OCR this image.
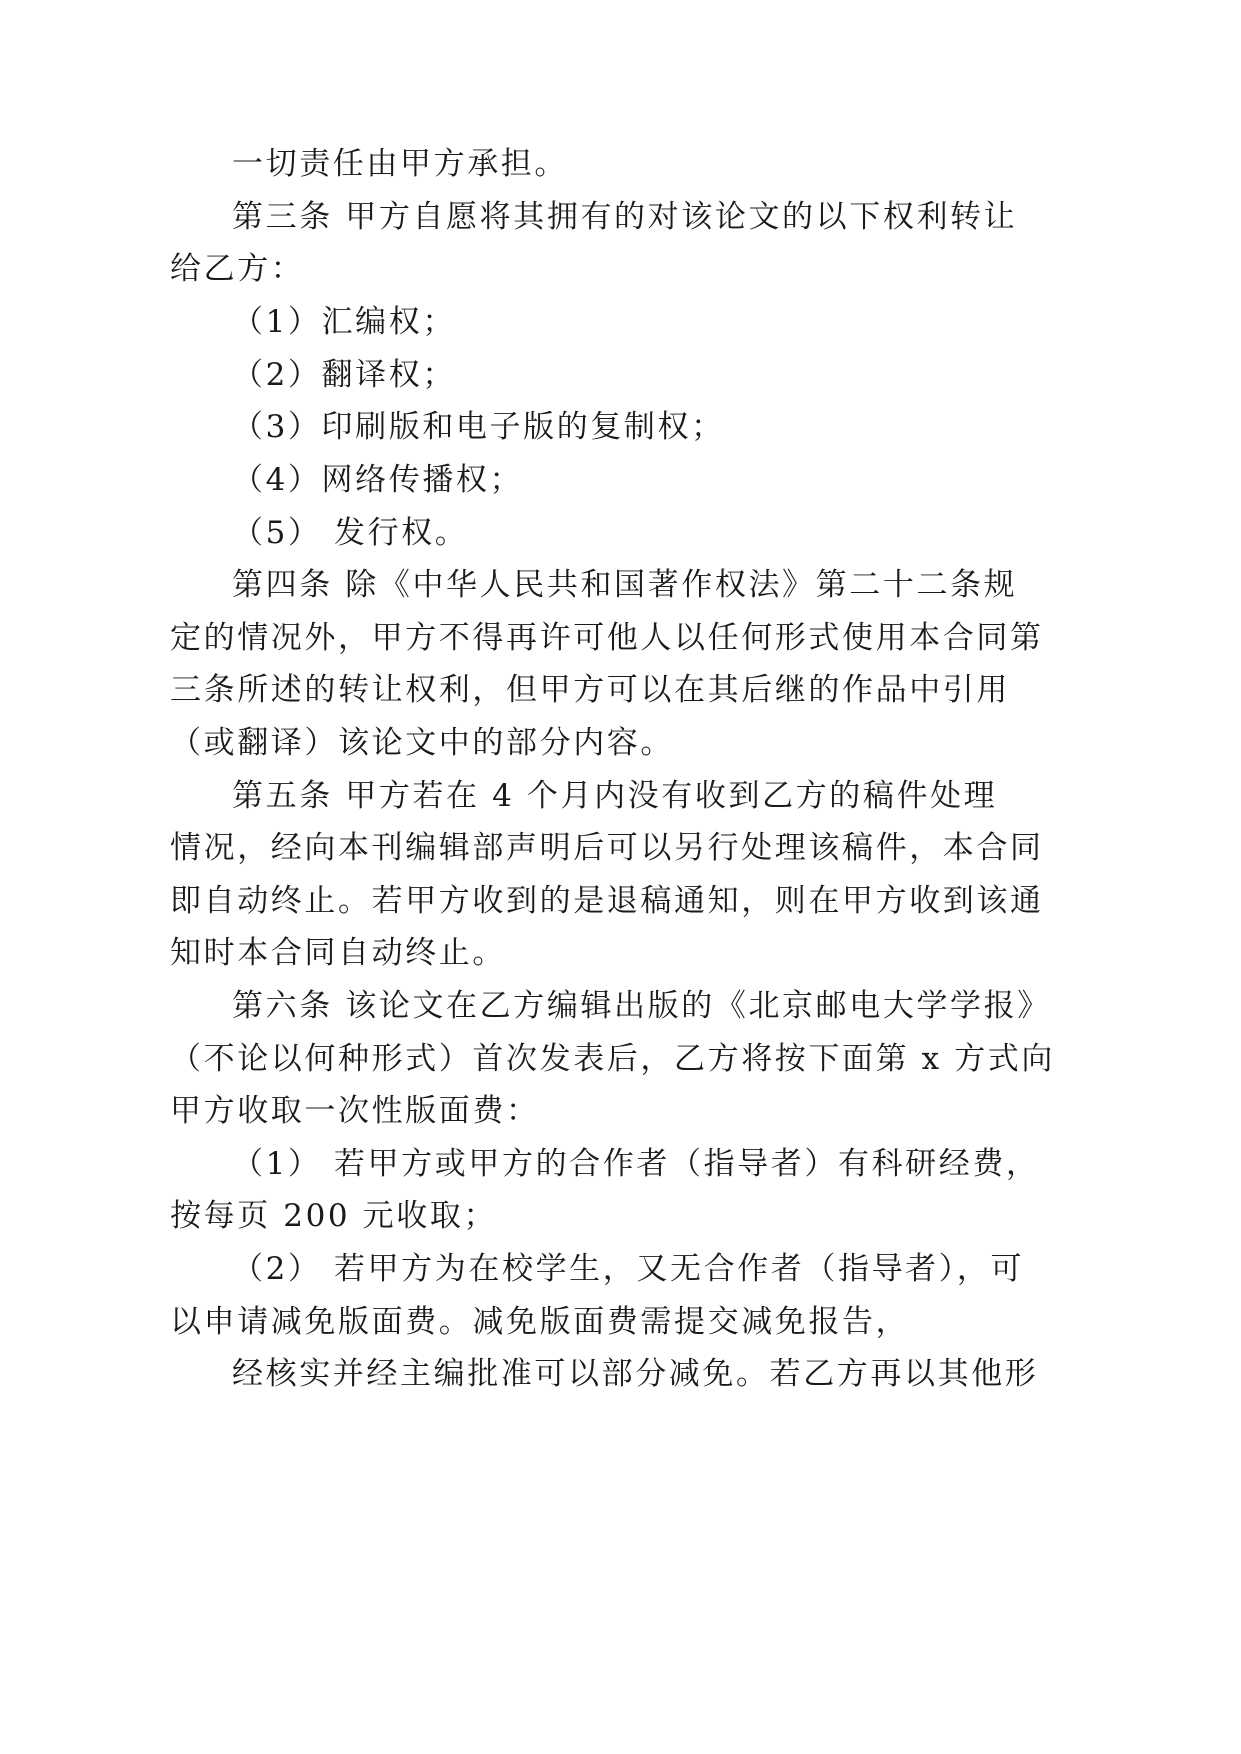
一切责任由甲方承担。
第三条 甲方自愿将其拥有的对该论文的以下权利转让
给乙方：
（1）汇编权；
（2）翻译权；
（3）印刷版和电子版的复制权；
（4）网络传播权；
（5） 发行权。
第四条 除《中华人民共和国著作权法》第二十二条规
定的情况外，甲方不得再许可他人以任何形式使用本合同第
三条所述的转让权利，但甲方可以在其后继的作品中引用
（或翻译）该论文中的部分内容。
第五条 甲方若在 4 个月内没有收到乙方的稿件处理
情况，经向本刊编辑部声明后可以另行处理该稿件，本合同
即自动终止。若甲方收到的是退稿通知，则在甲方收到该通
知时本合同自动终止。
第六条 该论文在乙方编辑出版的《北京邮电大学学报》
（不论以何种形式）首次发表后，乙方将按下面第 x 方式向
甲方收取一次性版面费：
（1） 若甲方或甲方的合作者（指导者）有科研经费，
按每页 200 元收取；
（2） 若甲方为在校学生，又无合作者（指导者），可
以申请减免版面费。减免版面费需提交减免报告，
经核实并经主编批准可以部分减免。若乙方再以其他形
